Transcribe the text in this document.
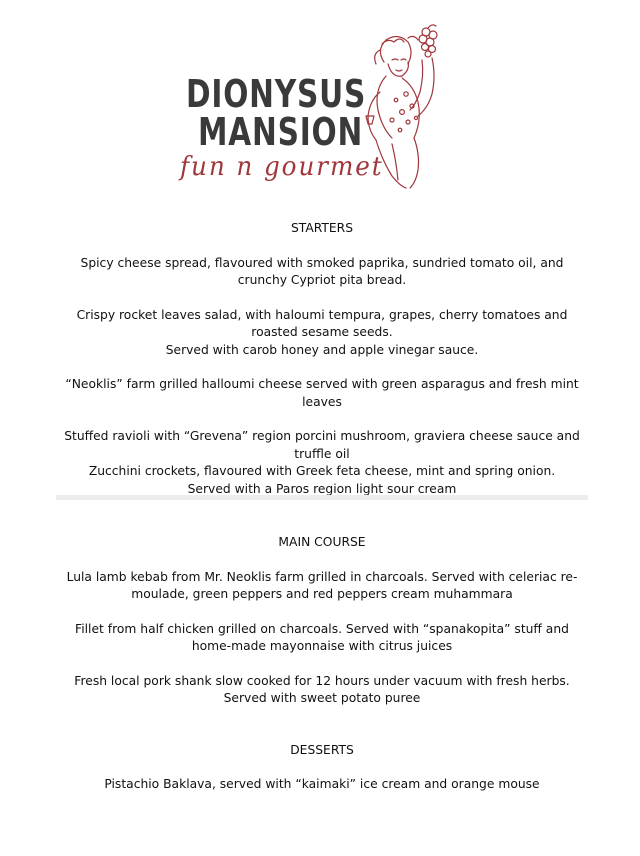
DIONYSUS
MANSION
fun n gourmet
STARTERS
Spicy cheese spread, flavoured with smoked paprika, sundried tomato oil, and crunchy Cypriot pita bread.
Crispy rocket leaves salad, with haloumi tempura, grapes, cherry tomatoes and roasted sesame seeds.
Served with carob honey and apple vinegar sauce.
“Neoklis” farm grilled halloumi cheese served with green asparagus and fresh mint leaves
Stuffed ravioli with “Grevena” region porcini mushroom, graviera cheese sauce and truffle oil
Zucchini crockets, flavoured with Greek feta cheese, mint and spring onion.
Served with a Paros region light sour cream
MAIN COURSE
Lula lamb kebab from Mr. Neoklis farm grilled in charcoals. Served with celeriac re-moulade, green peppers and red peppers cream muhammara
Fillet from half chicken grilled on charcoals. Served with “spanakopita” stuff and home-made mayonnaise with citrus juices
Fresh local pork shank slow cooked for 12 hours under vacuum with fresh herbs. Served with sweet potato puree
DESSERTS
Pistachio Baklava, served with “kaimaki” ice cream and orange mouse
